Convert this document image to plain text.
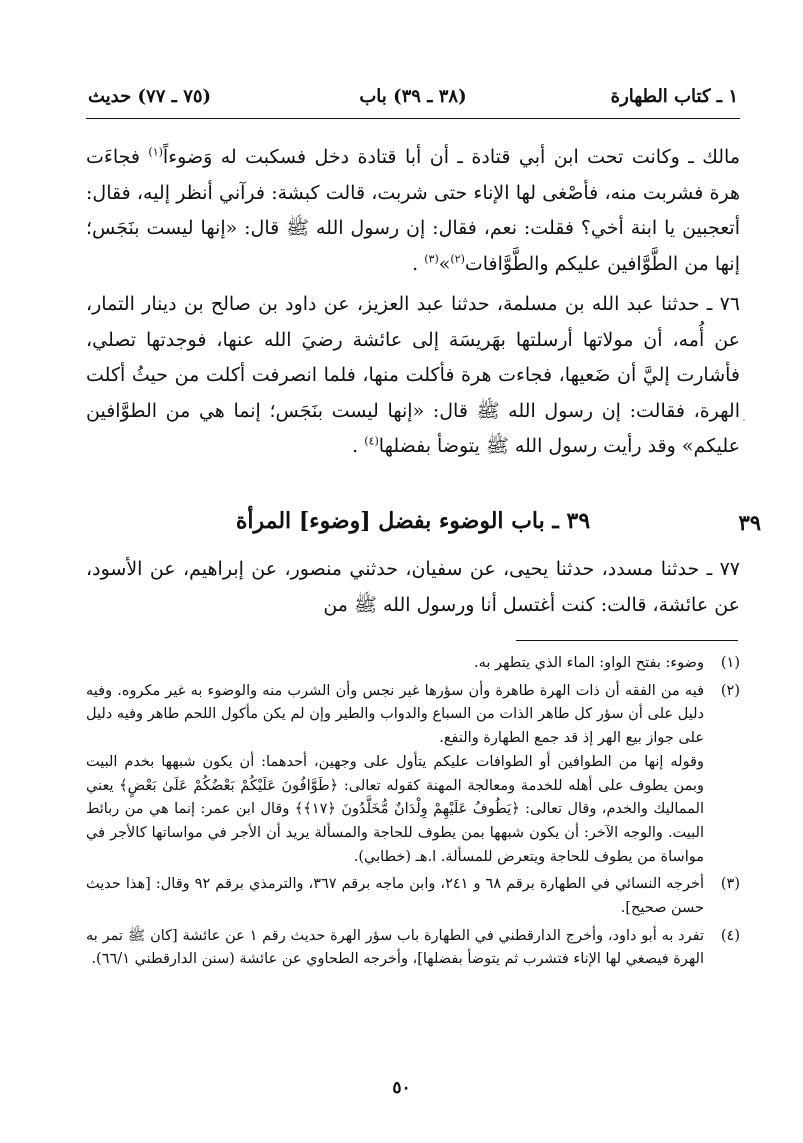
١ ـ كتاب الطهارة
(٣٨ ـ ٣٩) باب
(٧٥ ـ ٧٧) حديث
مالك ـ وكانت تحت ابن أبي قتادة ـ أن أبا قتادة دخل فسكبت له وَضوءاً$^{(١)}$ فجاءَت هرة فشربت منه، فأصْغى لها الإناء حتى شربت، قالت كبشة: فرآني أنظر إليه، فقال: أتعجبين يا ابنة أخي؟ فقلت: نعم، فقال: إن رسول الله ﷺ قال: «إنها ليست بنَجَس؛ إنها من الطَّوَّافين عليكم والطَّوَّافات$^{(٢)}$»$^{(٣)}$ .
٧٦ ـ حدثنا عبد الله بن مسلمة، حدثنا عبد العزيز، عن داود بن صالح بن دينار التمار، عن أُمه، أن مولاتها أرسلتها بهَريسَة إلى عائشة رضيَ الله عنها، فوجدتها تصلي، فأشارت إليَّ أن ضَعيها، فجاءت هرة فأكلت منها، فلما انصرفت أكلت من حيثُ أكلت الهرة، فقالت: إن رسول الله ﷺ قال: «إنها ليست بنَجَس؛ إنما هي من الطوَّافين عليكم» وقد رأيت رسول الله ﷺ يتوضأ بفضلها$^{(٤)}$ .
.
٣٩
٣٩ ـ باب الوضوء بفضل [وضوء] المرأة
٧٧ ـ حدثنا مسدد، حدثنا يحيى، عن سفيان، حدثني منصور، عن إبراهيم، عن الأسود، عن عائشة، قالت: كنت أغتسل أنا ورسول الله ﷺ من
(١)
وضوء: بفتح الواو: الماء الذي يتطهر به.
(٢)
فيه من الفقه أن ذات الهرة طاهرة وأن سؤرها غير نجس وأن الشرب منه والوضوء به غير مكروه. وفيه دليل على أن سؤر كل طاهر الذات من السباع والدواب والطير وإن لم يكن مأكول اللحم طاهر وفيه دليل على جواز بيع الهر إذ قد جمع الطهارة والنفع.
وقوله إنها من الطوافين أو الطوافات عليكم يتأول على وجهين، أحدهما: أن يكون شبهها بخدم البيت وبمن يطوف على أهله للخدمة ومعالجة المهنة كقوله تعالى: ﴿طَوَّافُونَ عَلَيْكُمْ بَعْضُكُمْ عَلَىٰ بَعْضٍ﴾ يعني المماليك والخدم، وقال تعالى: ﴿يَطُوفُ عَلَيْهِمْ وِلْدَانٌ مُّخَلَّدُونَ ﴿١٧﴾﴾ وقال ابن عمر: إنما هي من ربائط البيت. والوجه الآخر: أن يكون شبهها بمن يطوف للحاجة والمسألة يريد أن الأجر في مواساتها كالأجر في مواساة من يطوف للحاجة ويتعرض للمسألة. ا.هـ (خطابي).
(٣)
أخرجه النسائي في الطهارة برقم ٦٨ و ٢٤١، وابن ماجه برقم ٣٦٧، والترمذي برقم ٩٢ وقال: [هذا حديث حسن صحيح].
(٤)
تفرد به أبو داود، وأخرج الدارقطني في الطهارة باب سؤر الهرة حديث رقم ١ عن عائشة [كان ﷺ تمر به الهرة فيصغي لها الإناء فتشرب ثم يتوضأ بفضلها]، وأخرجه الطحاوي عن عائشة (سنن الدارقطني ٦٦/١).
٥٠
